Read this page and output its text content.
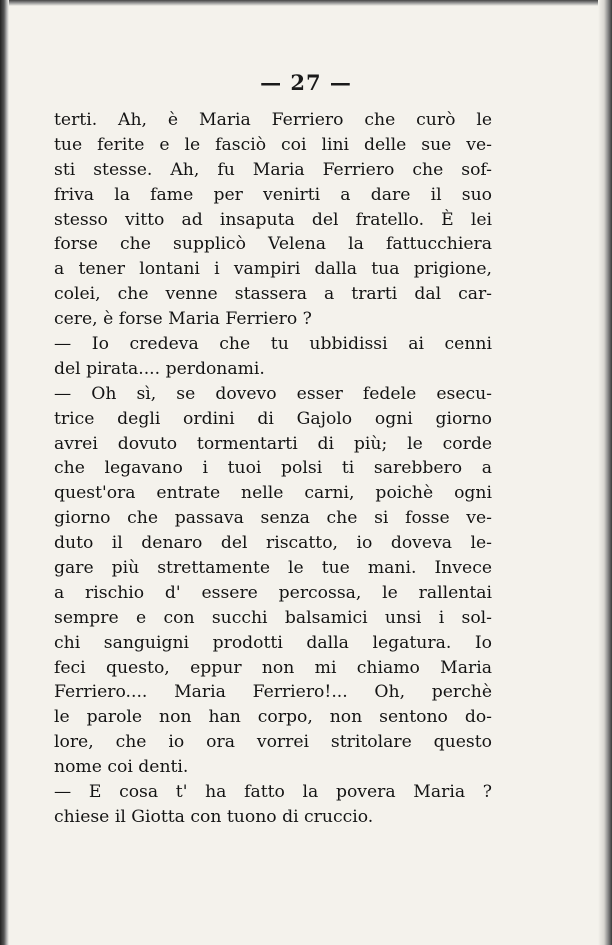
— 27 —
terti. Ah, è Maria Ferriero che curò le
tue ferite e le fasciò coi lini delle sue ve-
sti stesse. Ah, fu Maria Ferriero che sof-
friva la fame per venirti a dare il suo
stesso vitto ad insaputa del fratello. È lei
forse che supplicò Velena la fattucchiera
a tener lontani i vampiri dalla tua prigione,
colei, che venne stassera a trarti dal car-
cere, è forse Maria Ferriero ?
— Io credeva che tu ubbidissi ai cenni
del pirata.... perdonami.
— Oh sì, se dovevo esser fedele esecu-
trice degli ordini di Gajolo ogni giorno
avrei dovuto tormentarti di più; le corde
che legavano i tuoi polsi ti sarebbero a
quest'ora entrate nelle carni, poichè ogni
giorno che passava senza che si fosse ve-
duto il denaro del riscatto, io doveva le-
gare più strettamente le tue mani. Invece
a rischio d' essere percossa, le rallentai
sempre e con succhi balsamici unsi i sol-
chi sanguigni prodotti dalla legatura. Io
feci questo, eppur non mi chiamo Maria
Ferriero.... Maria Ferriero!... Oh, perchè
le parole non han corpo, non sentono do-
lore, che io ora vorrei stritolare questo
nome coi denti.
— E cosa t' ha fatto la povera Maria ?
chiese il Giotta con tuono di cruccio.
